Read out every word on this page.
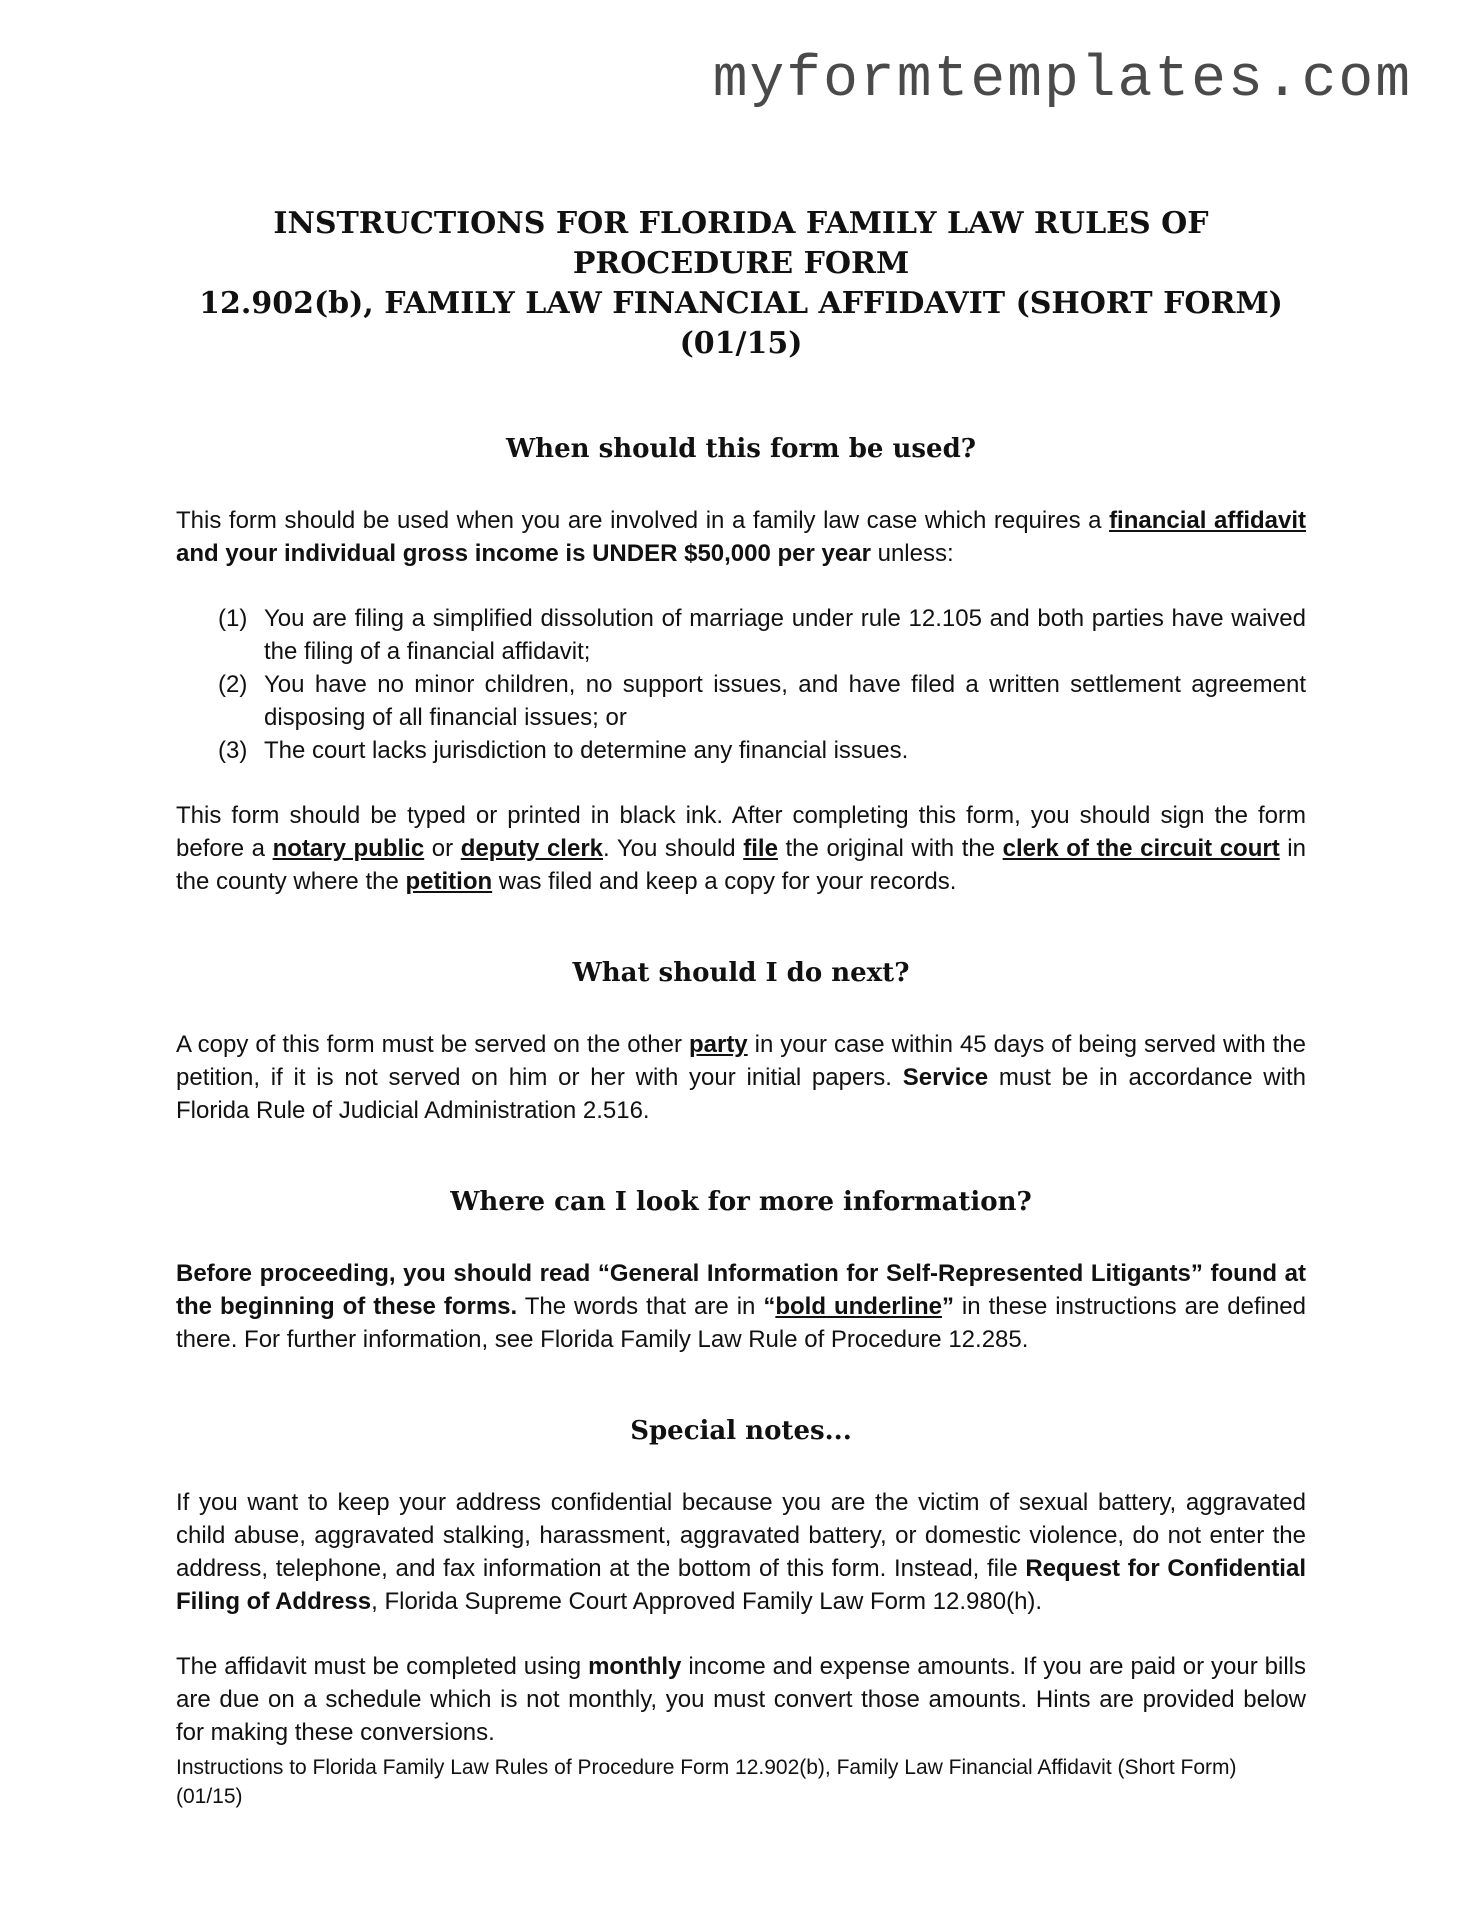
myformtemplates.com
INSTRUCTIONS FOR FLORIDA FAMILY LAW RULES OF PROCEDURE FORM
12.902(b), FAMILY LAW FINANCIAL AFFIDAVIT (SHORT FORM) (01/15)
When should this form be used?

This form should be used when you are involved in a family law case which requires a financial affidavit and your individual gross income is UNDER $50,000 per year unless:

(1) You are filing a simplified dissolution of marriage under rule 12.105 and both parties have waived the filing of a financial affidavit;
(2) You have no minor children, no support issues, and have filed a written settlement agreement disposing of all financial issues; or
(3) The court lacks jurisdiction to determine any financial issues.

This form should be typed or printed in black ink. After completing this form, you should sign the form before a notary public or deputy clerk. You should file the original with the clerk of the circuit court in the county where the petition was filed and keep a copy for your records.

What should I do next?

A copy of this form must be served on the other party in your case within 45 days of being served with the petition, if it is not served on him or her with your initial papers. Service must be in accordance with Florida Rule of Judicial Administration 2.516.

Where can I look for more information?

Before proceeding, you should read “General Information for Self-Represented Litigants” found at the beginning of these forms. The words that are in “bold underline” in these instructions are defined there. For further information, see Florida Family Law Rule of Procedure 12.285.

Special notes...

If you want to keep your address confidential because you are the victim of sexual battery, aggravated child abuse, aggravated stalking, harassment, aggravated battery, or domestic violence, do not enter the address, telephone, and fax information at the bottom of this form. Instead, file Request for Confidential Filing of Address, Florida Supreme Court Approved Family Law Form 12.980(h).

The affidavit must be completed using monthly income and expense amounts. If you are paid or your bills are due on a schedule which is not monthly, you must convert those amounts. Hints are provided below for making these conversions.

Instructions to Florida Family Law Rules of Procedure Form 12.902(b), Family Law Financial Affidavit (Short Form) (01/15)
